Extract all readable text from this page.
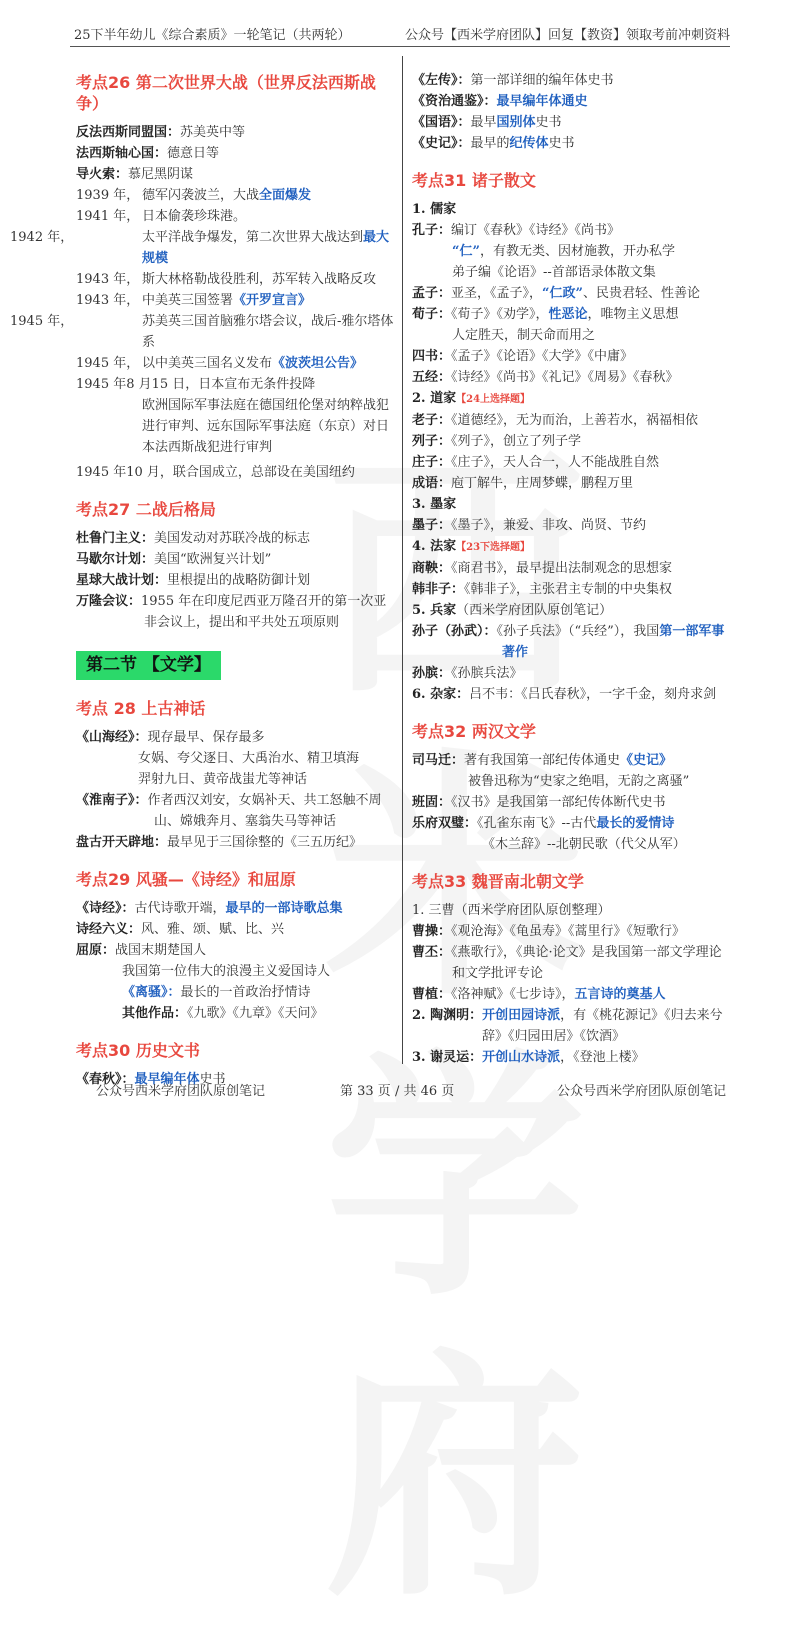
25下半年幼儿《综合素质》一轮笔记（共两轮）	公众号【西米学府团队】回复【教资】领取考前冲刺资料
考点26 第二次世界大战（世界反法西斯战争）

反法西斯同盟国：苏美英中等

法西斯轴心国：德意日等

导火索：慕尼黑阴谋

1939 年， 德军闪袭波兰，大战全面爆发

1941 年， 日本偷袭珍珠港。

1942 年，	太平洋战争爆发，第二次世界大战达到最大规模

1943 年， 斯大林格勒战役胜利，苏军转入战略反攻

1943 年， 中美英三国签署《开罗宣言》

1945 年，	苏美英三国首脑雅尔塔会议，战后-雅尔塔体系

1945 年， 以中美英三国名义发布《波茨坦公告》

1945 年8 月15 日，日本宣布无条件投降

欧洲国际军事法庭在德国纽伦堡对纳粹战犯进行审判、远东国际军事法庭（东京）对日本法西斯战犯进行审判

1945 年10 月，联合国成立，总部设在美国纽约

考点27 二战后格局

杜鲁门主义：美国发动对苏联冷战的标志

马歇尔计划：美国“欧洲复兴计划”

星球大战计划：里根提出的战略防御计划

万隆会议：1955 年在印度尼西亚万隆召开的第一次亚非会议上，提出和平共处五项原则

第二节 【文学】
考点 28 上古神话

《山海经》：现存最早、保存最多

女娲、夸父逐日、大禹治水、精卫填海

羿射九日、黄帝战蚩尤等神话

《淮南子》：作者西汉刘安，女娲补天、共工怒触不周山、嫦娥奔月、塞翁失马等神话

盘古开天辟地：最早见于三国徐整的《三五历纪》

考点29 风骚—《诗经》和屈原

《诗经》：古代诗歌开端，最早的一部诗歌总集

诗经六义：风、雅、颂、赋、比、兴

屈原：战国末期楚国人

我国第一位伟大的浪漫主义爱国诗人

《离骚》：最长的一首政治抒情诗

其他作品：《九歌》《九章》《天问》

考点30 历史文书

《春秋》：最早编年体史书

《左传》：第一部详细的编年体史书

《资治通鉴》：最早编年体通史

《国语》：最早国别体史书

《史记》：最早的纪传体史书

考点31 诸子散文

1. 儒家

孔子：编订《春秋》《诗经》《尚书》

“仁”，有教无类、因材施教，开办私学

弟子编《论语》--首部语录体散文集

孟子：亚圣，《孟子》，“仁政”、民贵君轻、性善论

荀子：《荀子》《劝学》，性恶论，唯物主义思想

人定胜天，制天命而用之

四书：《孟子》《论语》《大学》《中庸》

五经：《诗经》《尚书》《礼记》《周易》《春秋》

2. 道家【24上选择题】

老子：《道德经》，无为而治，上善若水，祸福相依

列子：《列子》，创立了列子学

庄子：《庄子》，天人合一，人不能战胜自然

成语：庖丁解牛，庄周梦蝶，鹏程万里

3. 墨家

墨子：《墨子》，兼爱、非攻、尚贤、节约

4. 法家【23下选择题】

商鞅：《商君书》，最早提出法制观念的思想家

韩非子：《韩非子》，主张君主专制的中央集权

5. 兵家（西米学府团队原创笔记）

孙子（孙武）：《孙子兵法》（“兵经”），我国第一部军事著作

孙膑：《孙膑兵法》

6. 杂家：吕不韦：《吕氏春秋》，一字千金，刻舟求剑

考点32 两汉文学

司马迁：著有我国第一部纪传体通史《史记》

被鲁迅称为“史家之绝唱，无韵之离骚”

班固：《汉书》是我国第一部纪传体断代史书

乐府双璧：《孔雀东南飞》--古代最长的爱情诗

《木兰辞》--北朝民歌（代父从军）

考点33 魏晋南北朝文学

1. 三曹（西米学府团队原创整理）

曹操：《观沧海》《龟虽寿》《蒿里行》《短歌行》

曹丕：《燕歌行》，《典论·论文》是我国第一部文学理论和文学批评专论

曹植：《洛神赋》《七步诗》，五言诗的奠基人

2. 陶渊明：开创田园诗派，有《桃花源记》《归去来兮辞》《归园田居》《饮酒》

3. 谢灵运：开创山水诗派，《登池上楼》

公众号西米学府团队原创笔记	第 33 页 / 共 46 页	公众号西米学府团队原创笔记
